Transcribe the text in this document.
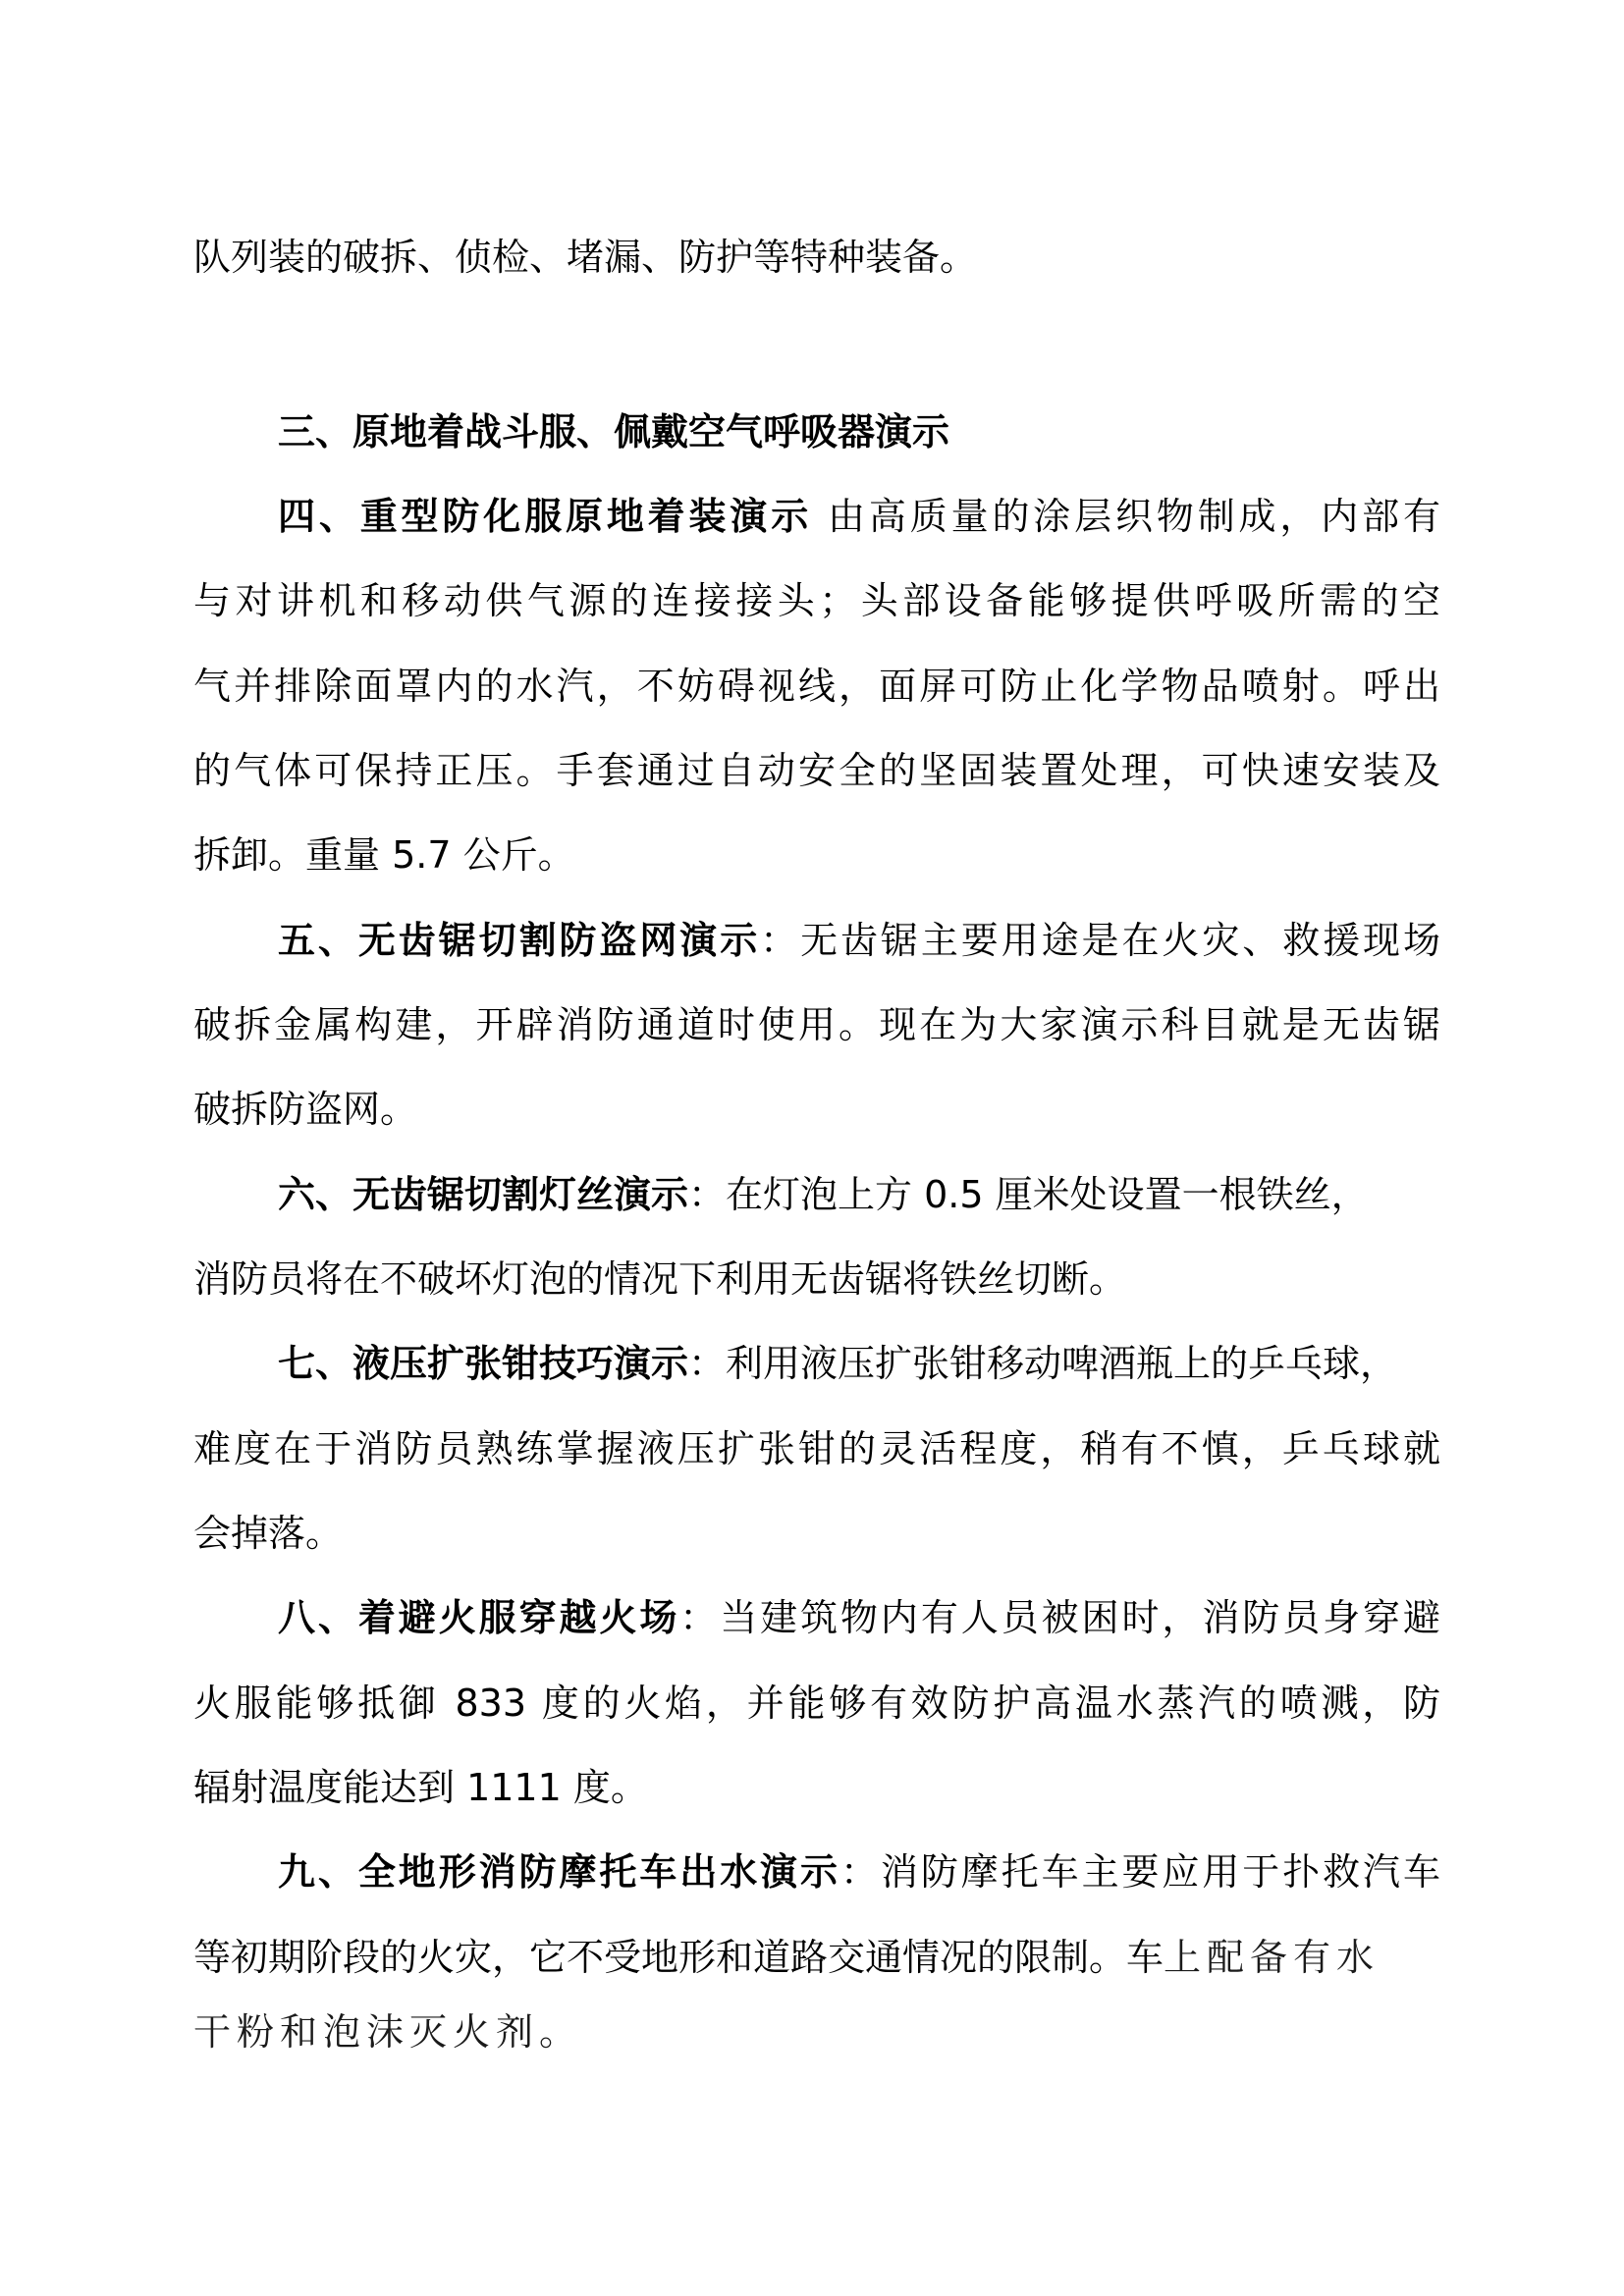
队列装的破拆、侦检、堵漏、防护等特种装备。
三、原地着战斗服、佩戴空气呼吸器演示
四、重型防化服原地着装演示 由高质量的涂层织物制成，内部有
与对讲机和移动供气源的连接接头；头部设备能够提供呼吸所需的空
气并排除面罩内的水汽，不妨碍视线，面屏可防止化学物品喷射。呼出
的气体可保持正压。手套通过自动安全的坚固装置处理，可快速安装及
拆卸。重量 5.7 公斤。
五、无齿锯切割防盗网演示：无齿锯主要用途是在火灾、救援现场
破拆金属构建，开辟消防通道时使用。现在为大家演示科目就是无齿锯
破拆防盗网。
六、无齿锯切割灯丝演示：在灯泡上方 0.5 厘米处设置一根铁丝，
消防员将在不破坏灯泡的情况下利用无齿锯将铁丝切断。
七、液压扩张钳技巧演示：利用液压扩张钳移动啤酒瓶上的乒乓球，
难度在于消防员熟练掌握液压扩张钳的灵活程度，稍有不慎，乒乓球就
会掉落。
八、着避火服穿越火场：当建筑物内有人员被困时，消防员身穿避
火服能够抵御 833 度的火焰，并能够有效防护高温水蒸汽的喷溅，防
辐射温度能达到 1111 度。
九、全地形消防摩托车出水演示：消防摩托车主要应用于扑救汽车
等初期阶段的火灾，它不受地形和道路交通情况的限制。车上配备有水
干粉和泡沫灭火剂。
